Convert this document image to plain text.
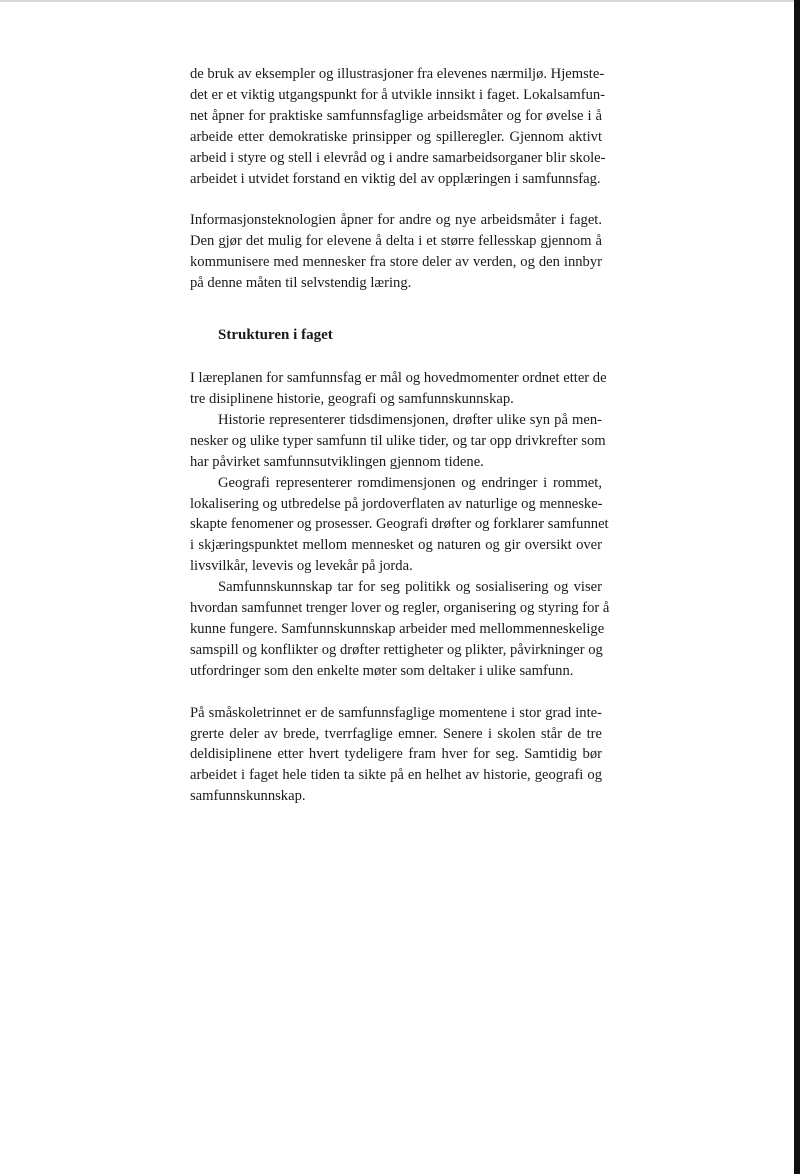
de bruk av eksempler og illustrasjoner fra elevenes nærmiljø. Hjemste-
det er et viktig utgangspunkt for å utvikle innsikt i faget. Lokalsamfun-
net åpner for praktiske samfunnsfaglige arbeidsmåter og for øvelse i å
arbeide etter demokratiske prinsipper og spilleregler. Gjennom aktivt
arbeid i styre og stell i elevråd og i andre samarbeidsorganer blir skole-
arbeidet i utvidet forstand en viktig del av opplæringen i samfunnsfag.

Informasjonsteknologien åpner for andre og nye arbeidsmåter i faget.
Den gjør det mulig for elevene å delta i et større fellesskap gjennom å
kommunisere med mennesker fra store deler av verden, og den innbyr
på denne måten til selvstendig læring.

Strukturen i faget

I læreplanen for samfunnsfag er mål og hovedmomenter ordnet etter de
tre disiplinene historie, geografi og samfunnskunnskap.

Historie representerer tidsdimensjonen, drøfter ulike syn på men-
nesker og ulike typer samfunn til ulike tider, og tar opp drivkrefter som
har påvirket samfunnsutviklingen gjennom tidene.

Geografi representerer romdimensjonen og endringer i rommet,
lokalisering og utbredelse på jordoverflaten av naturlige og menneske-
skapte fenomener og prosesser. Geografi drøfter og forklarer samfunnet
i skjæringspunktet mellom mennesket og naturen og gir oversikt over
livsvilkår, levevis og levekår på jorda.

Samfunnskunnskap tar for seg politikk og sosialisering og viser
hvordan samfunnet trenger lover og regler, organisering og styring for å
kunne fungere. Samfunnskunnskap arbeider med mellommenneskelige
samspill og konflikter og drøfter rettigheter og plikter, påvirkninger og
utfordringer som den enkelte møter som deltaker i ulike samfunn.

På småskoletrinnet er de samfunnsfaglige momentene i stor grad inte-
grerte deler av brede, tverrfaglige emner. Senere i skolen står de tre
deldisiplinene etter hvert tydeligere fram hver for seg. Samtidig bør
arbeidet i faget hele tiden ta sikte på en helhet av historie, geografi og
samfunnskunnskap.
